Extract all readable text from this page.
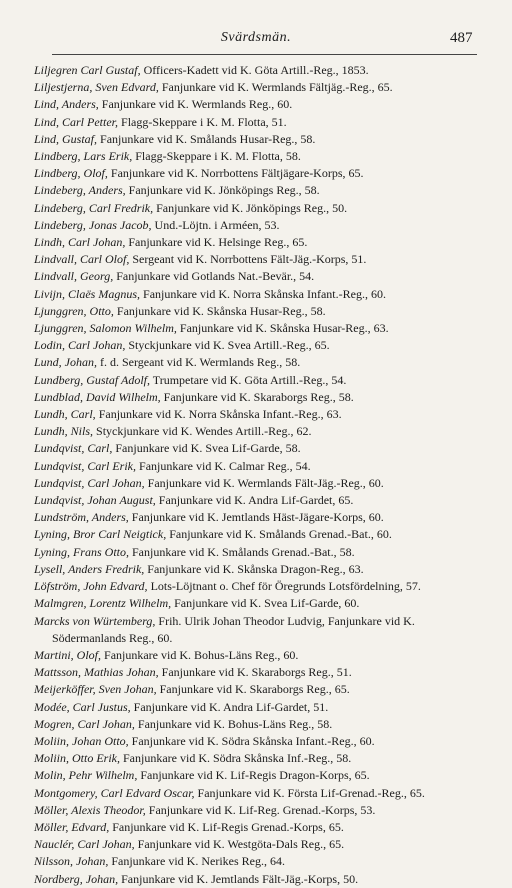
Svärdsmän.	487
Liljegren Carl Gustaf, Officers-Kadett vid K. Göta Artill.-Reg., 1853.
Liljestjerna, Sven Edvard, Fanjunkare vid K. Wermlands Fältjäg.-Reg., 65.
Lind, Anders, Fanjunkare vid K. Wermlands Reg., 60.
Lind, Carl Petter, Flagg-Skeppare i K. M. Flotta, 51.
Lind, Gustaf, Fanjunkare vid K. Smålands Husar-Reg., 58.
Lindberg, Lars Erik, Flagg-Skeppare i K. M. Flotta, 58.
Lindberg, Olof, Fanjunkare vid K. Norrbottens Fältjägare-Korps, 65.
Lindeberg, Anders, Fanjunkare vid K. Jönköpings Reg., 58.
Lindeberg, Carl Fredrik, Fanjunkare vid K. Jönköpings Reg., 50.
Lindeberg, Jonas Jacob, Und.-Löjtn. i Arméen, 53.
Lindh, Carl Johan, Fanjunkare vid K. Helsinge Reg., 65.
Lindvall, Carl Olof, Sergeant vid K. Norrbottens Fält-Jäg.-Korps, 51.
Lindvall, Georg, Fanjunkare vid Gotlands Nat.-Bevär., 54.
Livijn, Claës Magnus, Fanjunkare vid K. Norra Skånska Infant.-Reg., 60.
Ljunggren, Otto, Fanjunkare vid K. Skånska Husar-Reg., 58.
Ljunggren, Salomon Wilhelm, Fanjunkare vid K. Skånska Husar-Reg., 63.
Lodin, Carl Johan, Styckjunkare vid K. Svea Artill.-Reg., 65.
Lund, Johan, f. d. Sergeant vid K. Wermlands Reg., 58.
Lundberg, Gustaf Adolf, Trumpetare vid K. Göta Artill.-Reg., 54.
Lundblad, David Wilhelm, Fanjunkare vid K. Skaraborgs Reg., 58.
Lundh, Carl, Fanjunkare vid K. Norra Skånska Infant.-Reg., 63.
Lundh, Nils, Styckjunkare vid K. Wendes Artill.-Reg., 62.
Lundqvist, Carl, Fanjunkare vid K. Svea Lif-Garde, 58.
Lundqvist, Carl Erik, Fanjunkare vid K. Calmar Reg., 54.
Lundqvist, Carl Johan, Fanjunkare vid K. Wermlands Fält-Jäg.-Reg., 60.
Lundqvist, Johan August, Fanjunkare vid K. Andra Lif-Gardet, 65.
Lundström, Anders, Fanjunkare vid K. Jemtlands Häst-Jägare-Korps, 60.
Lyning, Bror Carl Neigtick, Fanjunkare vid K. Smålands Grenad.-Bat., 60.
Lyning, Frans Otto, Fanjunkare vid K. Smålands Grenad.-Bat., 58.
Lysell, Anders Fredrik, Fanjunkare vid K. Skånska Dragon-Reg., 63.
Löfström, John Edvard, Lots-Löjtnant o. Chef för Öregrunds Lotsfördelning, 57.
Malmgren, Lorentz Wilhelm, Fanjunkare vid K. Svea Lif-Garde, 60.
Marcks von Würtemberg, Frih. Ulrik Johan Theodor Ludvig, Fanjunkare vid K. Södermanlands Reg., 60.
Martini, Olof, Fanjunkare vid K. Bohus-Läns Reg., 60.
Mattsson, Mathias Johan, Fanjunkare vid K. Skaraborgs Reg., 51.
Meijerköffer, Sven Johan, Fanjunkare vid K. Skaraborgs Reg., 65.
Modée, Carl Justus, Fanjunkare vid K. Andra Lif-Gardet, 51.
Mogren, Carl Johan, Fanjunkare vid K. Bohus-Läns Reg., 58.
Moliin, Johan Otto, Fanjunkare vid K. Södra Skånska Infant.-Reg., 60.
Moliin, Otto Erik, Fanjunkare vid K. Södra Skånska Inf.-Reg., 58.
Molin, Pehr Wilhelm, Fanjunkare vid K. Lif-Regis Dragon-Korps, 65.
Montgomery, Carl Edvard Oscar, Fanjunkare vid K. Första Lif-Grenad.-Reg., 65.
Möller, Alexis Theodor, Fanjunkare vid K. Lif-Reg. Grenad.-Korps, 53.
Möller, Edvard, Fanjunkare vid K. Lif-Regis Grenad.-Korps, 65.
Nauclér, Carl Johan, Fanjunkare vid K. Westgöta-Dals Reg., 65.
Nilsson, Johan, Fanjunkare vid K. Nerikes Reg., 64.
Nordberg, Johan, Fanjunkare vid K. Jemtlands Fält-Jäg.-Korps, 50.
